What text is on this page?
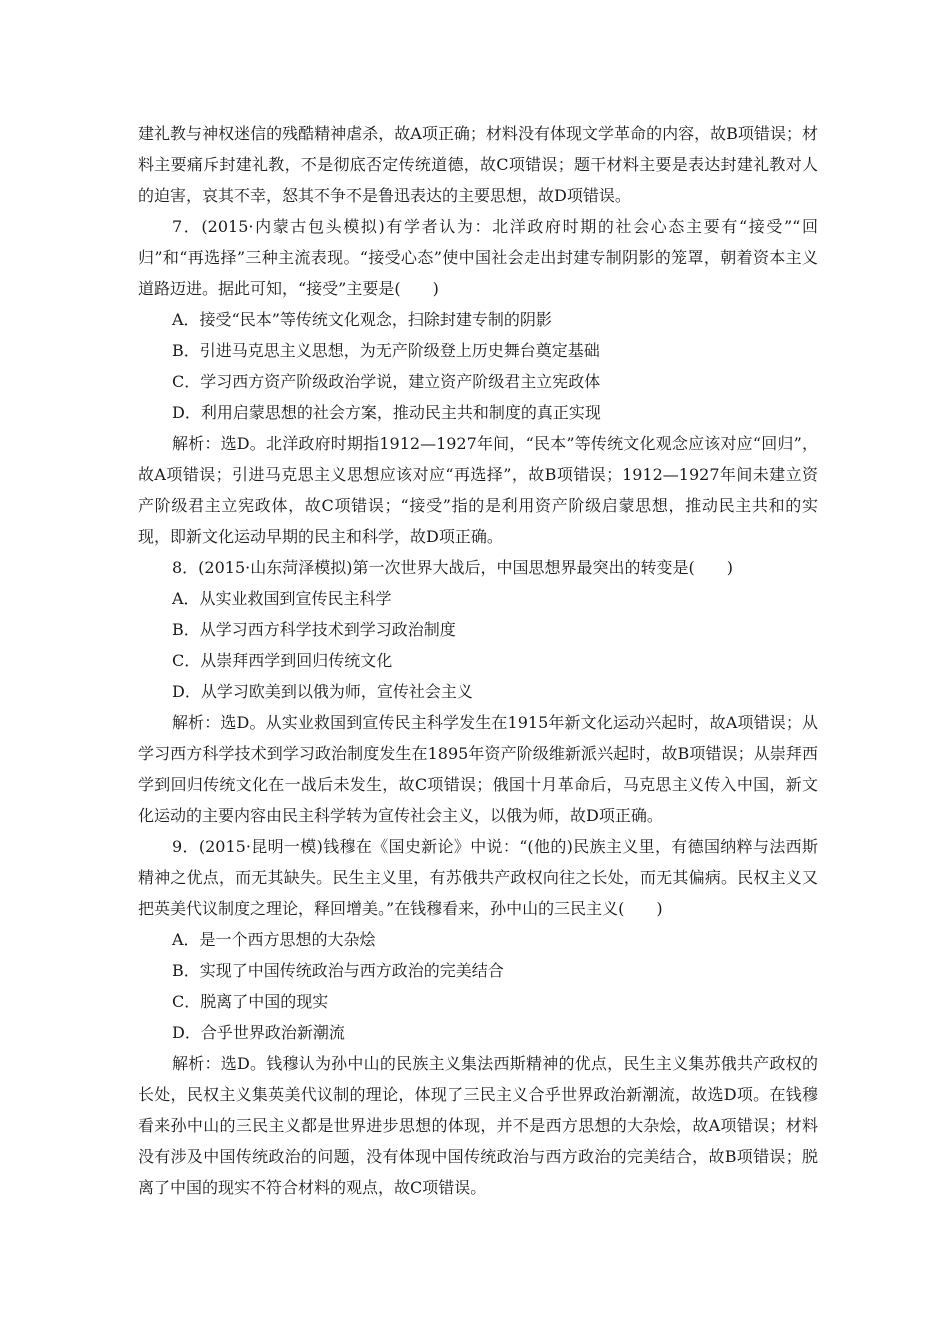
建礼教与神权迷信的残酷精神虐杀，故A项正确；材料没有体现文学革命的内容，故B项错误；材料主要痛斥封建礼教，不是彻底否定传统道德，故C项错误；题干材料主要是表达封建礼教对人的迫害，哀其不幸，怒其不争不是鲁迅表达的主要思想，故D项错误。

7．(2015·内蒙古包头模拟)有学者认为：北洋政府时期的社会心态主要有“接受”“回归”和“再选择”三种主流表现。“接受心态”使中国社会走出封建专制阴影的笼罩，朝着资本主义道路迈进。据此可知，“接受”主要是(　　)

A．接受“民本”等传统文化观念，扫除封建专制的阴影

B．引进马克思主义思想，为无产阶级登上历史舞台奠定基础

C．学习西方资产阶级政治学说，建立资产阶级君主立宪政体

D．利用启蒙思想的社会方案，推动民主共和制度的真正实现

解析：选D。北洋政府时期指1912—1927年间，“民本”等传统文化观念应该对应“回归”，故A项错误；引进马克思主义思想应该对应“再选择”，故B项错误；1912—1927年间未建立资产阶级君主立宪政体，故C项错误；“接受”指的是利用资产阶级启蒙思想，推动民主共和的实现，即新文化运动早期的民主和科学，故D项正确。

8．(2015·山东菏泽模拟)第一次世界大战后，中国思想界最突出的转变是(　　)

A．从实业救国到宣传民主科学

B．从学习西方科学技术到学习政治制度

C．从崇拜西学到回归传统文化

D．从学习欧美到以俄为师，宣传社会主义

解析：选D。从实业救国到宣传民主科学发生在1915年新文化运动兴起时，故A项错误；从学习西方科学技术到学习政治制度发生在1895年资产阶级维新派兴起时，故B项错误；从崇拜西学到回归传统文化在一战后未发生，故C项错误；俄国十月革命后，马克思主义传入中国，新文化运动的主要内容由民主科学转为宣传社会主义，以俄为师，故D项正确。

9．(2015·昆明一模)钱穆在《国史新论》中说：“(他的)民族主义里，有德国纳粹与法西斯精神之优点，而无其缺失。民生主义里，有苏俄共产政权向往之长处，而无其偏病。民权主义又把英美代议制度之理论，释回增美。”在钱穆看来，孙中山的三民主义(　　)

A．是一个西方思想的大杂烩

B．实现了中国传统政治与西方政治的完美结合

C．脱离了中国的现实

D．合乎世界政治新潮流

解析：选D。钱穆认为孙中山的民族主义集法西斯精神的优点，民生主义集苏俄共产政权的长处，民权主义集英美代议制的理论，体现了三民主义合乎世界政治新潮流，故选D项。在钱穆看来孙中山的三民主义都是世界进步思想的体现，并不是西方思想的大杂烩，故A项错误；材料没有涉及中国传统政治的问题，没有体现中国传统政治与西方政治的完美结合，故B项错误；脱离了中国的现实不符合材料的观点，故C项错误。
